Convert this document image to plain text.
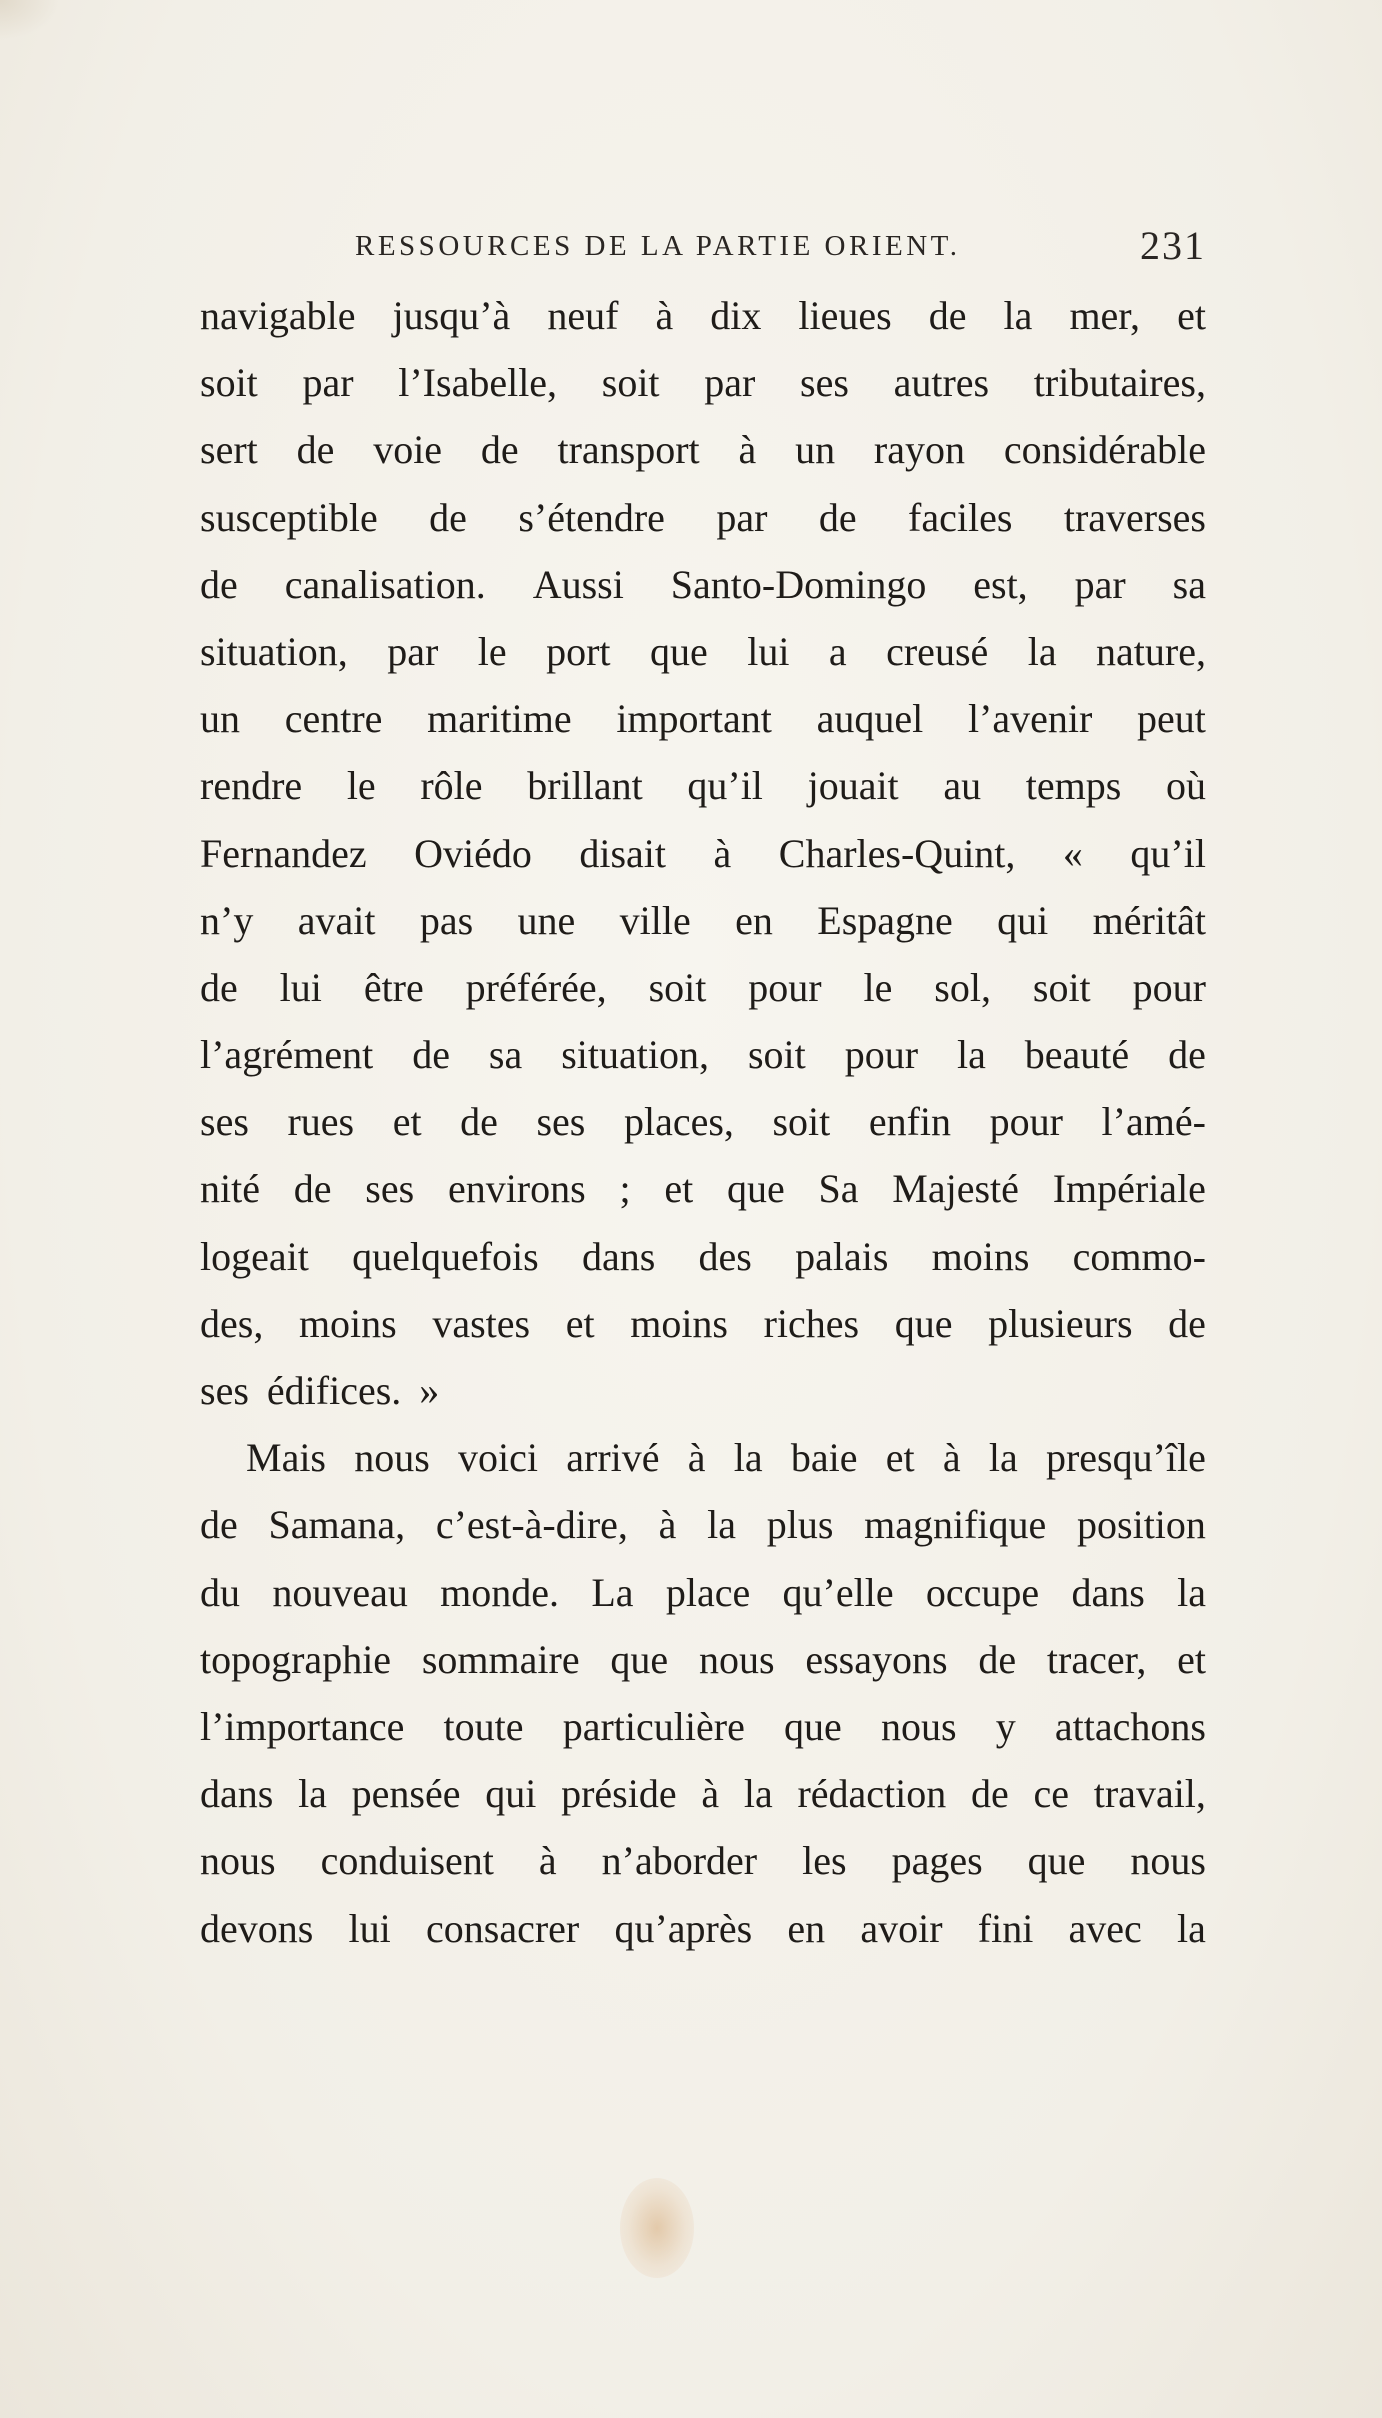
RESSOURCES DE LA PARTIE ORIENT.	231
navigable jusqu’à neuf à dix lieues de la mer, et
soit par l’Isabelle, soit par ses autres tributaires,
sert de voie de transport à un rayon considérable
susceptible de s’étendre par de faciles traverses
de canalisation. Aussi Santo-Domingo est, par sa
situation, par le port que lui a creusé la nature,
un centre maritime important auquel l’avenir peut
rendre le rôle brillant qu’il jouait au temps où
Fernandez Oviédo disait à Charles-Quint, « qu’il
n’y avait pas une ville en Espagne qui méritât
de lui être préférée, soit pour le sol, soit pour
l’agrément de sa situation, soit pour la beauté de
ses rues et de ses places, soit enfin pour l’amé-
nité de ses environs ; et que Sa Majesté Impériale
logeait quelquefois dans des palais moins commo-
des, moins vastes et moins riches que plusieurs de
ses édifices. »
Mais nous voici arrivé à la baie et à la presqu’île
de Samana, c’est-à-dire, à la plus magnifique position
du nouveau monde. La place qu’elle occupe dans la
topographie sommaire que nous essayons de tracer, et
l’importance toute particulière que nous y attachons
dans la pensée qui préside à la rédaction de ce travail,
nous conduisent à n’aborder les pages que nous
devons lui consacrer qu’après en avoir fini avec la
